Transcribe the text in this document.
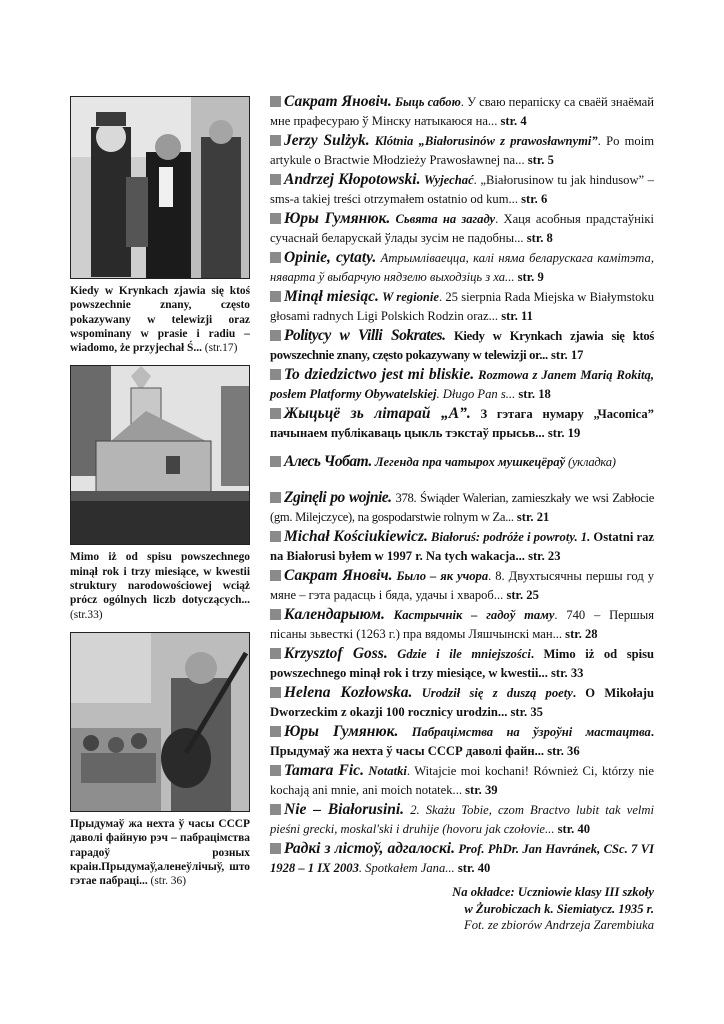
Kiedy w Krynkach zjawia się ktoś powszechnie znany, często pokazywany w telewizji oraz wspominany w prasie i radiu – wiadomo, że przyjechał Ś... (str.17)
Mimo iż od spisu powszechnego minął rok i trzy miesiące, w kwestii struktury narodowościowej wciąż prócz ogólnych liczb dotyczących... (str.33)
Прыдумаў жа нехта ў часы СССР даволі файную рэч – пабрацімства гарадоў розных краін.Прыдумаў,аленеўлічыў, што гэтае пабраці... (str. 36)
Сакрат Яновіч. Быць сабою. У сваю перапіску са сваёй знаёмай мне прафесураю ў Мінску натыкаюся на... str. 4
Jerzy Sulżyk. Klótnia „Białorusinów z prawosławnymi”. Po moim artykule o Bractwie Młodzieży Prawosławnej na... str. 5
Andrzej Kłopotowski. Wyjechać. „Białorusinow tu jak hindusow” – sms-a takiej treści otrzymałem ostatnio od kum... str. 6
Юры Гумянюк. Сьвята на загаду. Хаця асобныя прадстаўнікі сучаснай беларускай ўлады зусім не падобны... str. 8
Opinie, cytaty. Атрымліваецца, калі няма беларускага камітэта, няварта ў выбарчую нядзелю выходзіць з ха... str. 9
Minął miesiąc. W regionie. 25 sierpnia Rada Miejska w Białymstoku głosami radnych Ligi Polskich Rodzin oraz... str. 11
Politycy w Villi Sokrates. Kiedy w Krynkach zjawia się ktoś powszechnie znany, często pokazywany w telewizji or... str. 17
To dziedzictwo jest mi bliskie. Rozmowa z Janem Marią Rokitą, posłem Platformy Obywatelskiej. Długo Pan s... str. 18
Жыцьцё зь літарай „А”. З гэтага нумару „Часопіса” пачынаем публікаваць цыкль тэкстаў прысьв... str. 19
Алесь Чобат. Легенда пра чатырох мушкецёраў (укладка)
Zginęli po wojnie. 378. Świąder Walerian, zamieszkały we wsi Zabłocie (gm. Milejczyce), na gospodarstwie rolnym w Za... str. 21
Michał Kościukiewicz. Białoruś: podróże i powroty. 1. Ostatni raz na Białorusi byłem w 1997 r. Na tych wakacja... str. 23
Сакрат Яновіч. Было – як учора. 8. Двухтысячны першы год у мяне – гэта радасць і бяда, удачы і хвароб... str. 25
Календарыюм. Кастрычнік – гадоў таму. 740 – Першыя пісаны зьвесткі (1263 г.) пра вядомы Ляшчынскі ман... str. 28
Krzysztof Goss. Gdzie i ile mniejszości. Mimo iż od spisu powszechnego minął rok i trzy miesiące, w kwestii... str. 33
Helena Kozłowska. Urodził się z duszą poety. O Mikołaju Dworzeckim z okazji 100 rocznicy urodzin... str. 35
Юры Гумянюк. Пабрацімства на ўзроўні мастацтва. Прыдумаў жа нехта ў часы СССР даволі файн... str. 36
Tamara Fic. Notatki. Witajcie moi kochani! Również Ci, którzy nie kochają ani mnie, ani moich notatek... str. 39
Nie – Białorusini. 2. Skażu Tobie, czom Bractvo lubit tak velmi pieśni grecki, moskal'ski i druhije (hovoru jak czołovie... str. 40
Радкі з лістоў, адгалоскі. Prof. PhDr. Jan Havránek, CSc. 7 VI 1928 – 1 IX 2003. Spotkałem Jana... str. 40
Na okładce: Uczniowie klasy III szkoły
w Żurobiczach k. Siemiatycz. 1935 r.
Fot. ze zbiorów Andrzeja Zarembiuka
